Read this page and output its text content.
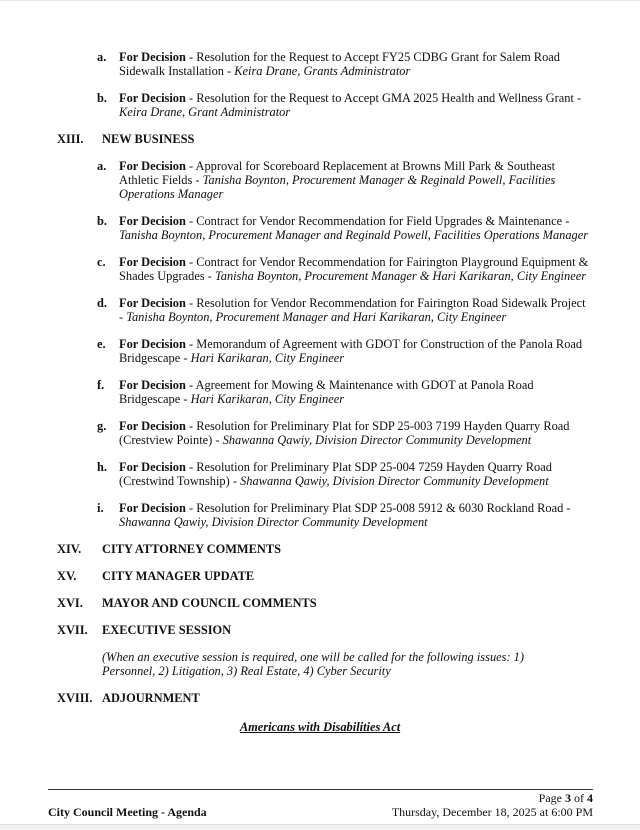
a.	For Decision - Resolution for the Request to Accept FY25 CDBG Grant for Salem Road Sidewalk Installation - Keira Drane, Grants Administrator
b. For Decision - Resolution for the Request to Accept GMA 2025 Health and Wellness Grant - Keira Drane, Grant Administrator
XIII.	NEW BUSINESS
a.	For Decision - Approval for Scoreboard Replacement at Browns Mill Park & Southeast Athletic Fields - Tanisha Boynton, Procurement Manager & Reginald Powell, Facilities Operations Manager
b. For Decision - Contract for Vendor Recommendation for Field Upgrades & Maintenance - Tanisha Boynton, Procurement Manager and Reginald Powell, Facilities Operations Manager
c.	For Decision - Contract for Vendor Recommendation for Fairington Playground Equipment & Shades Upgrades - Tanisha Boynton, Procurement Manager & Hari Karikaran, City Engineer
d. For Decision - Resolution for Vendor Recommendation for Fairington Road Sidewalk Project - Tanisha Boynton, Procurement Manager and Hari Karikaran, City Engineer
e.	For Decision - Memorandum of Agreement with GDOT for Construction of the Panola Road Bridgescape - Hari Karikaran, City Engineer
f.	For Decision - Agreement for Mowing & Maintenance with GDOT at Panola Road Bridgescape - Hari Karikaran, City Engineer
g.	For Decision - Resolution for Preliminary Plat for SDP 25-003 7199 Hayden Quarry Road (Crestview Pointe) - Shawanna Qawiy, Division Director Community Development
h. For Decision - Resolution for Preliminary Plat SDP 25-004 7259 Hayden Quarry Road (Crestwind Township) - Shawanna Qawiy, Division Director Community Development
i.	For Decision - Resolution for Preliminary Plat SDP 25-008 5912 & 6030 Rockland Road - Shawanna Qawiy, Division Director Community Development
XIV.	CITY ATTORNEY COMMENTS
XV.	CITY MANAGER UPDATE
XVI.	MAYOR AND COUNCIL COMMENTS
XVII.	EXECUTIVE SESSION
(When an executive session is required, one will be called for the following issues: 1) Personnel, 2) Litigation, 3) Real Estate, 4) Cyber Security
XVIII. ADJOURNMENT
Americans with Disabilities Act
Page 3 of 4
City Council Meeting - Agenda	Thursday, December 18, 2025 at 6:00 PM
